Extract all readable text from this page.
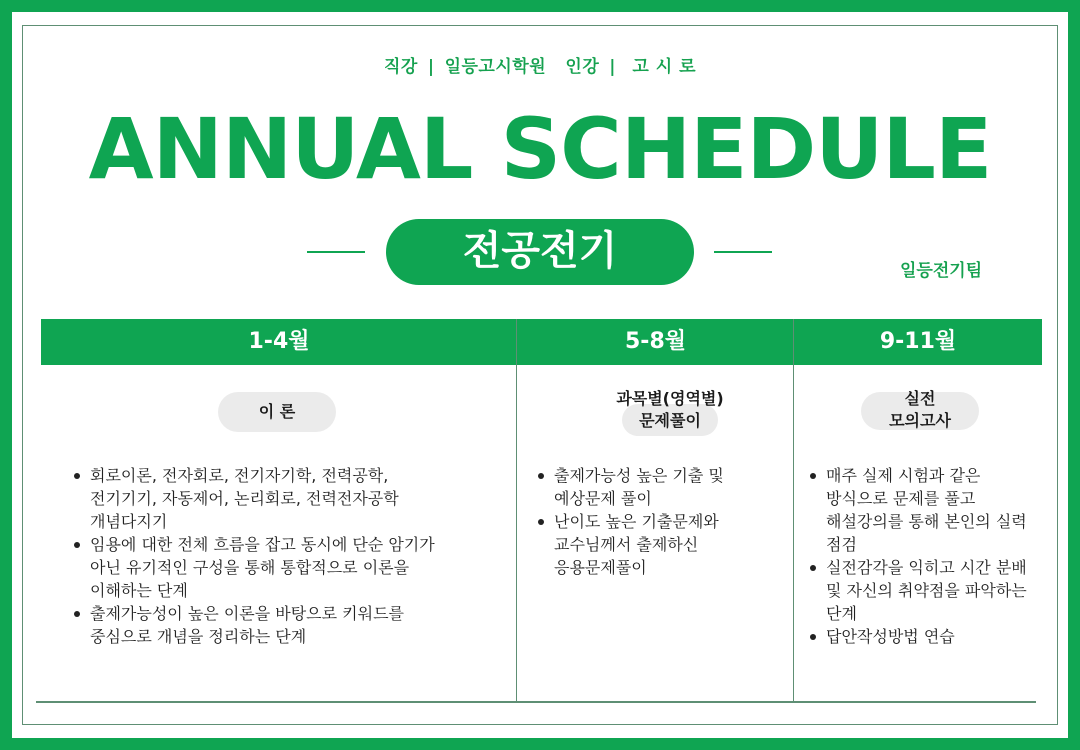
직강 | 일등고시학원 인강 | 고 시 로
ANNUAL SCHEDULE
전공전기	일등전기팀
1-4월	5-8월	9-11월
이 론
회로이론, 전자회로, 전기자기학, 전력공학, 전기기기, 자동제어, 논리회로, 전력전자공학 개념다지기
임용에 대한 전체 흐름을 잡고 동시에 단순 암기가 아닌 유기적인 구성을 통해 통합적으로 이론을 이해하는 단계
출제가능성이 높은 이론을 바탕으로 키워드를 중심으로 개념을 정리하는 단계
과목별(영역별)
문제풀이
출제가능성 높은 기출 및 예상문제 풀이
난이도 높은 기출문제와 교수님께서 출제하신 응용문제풀이
실전
모의고사
매주 실제 시험과 같은 방식으로 문제를 풀고 해설강의를 통해 본인의 실력 점검
실전감각을 익히고 시간 분배 및 자신의 취약점을 파악하는 단계
답안작성방법 연습
